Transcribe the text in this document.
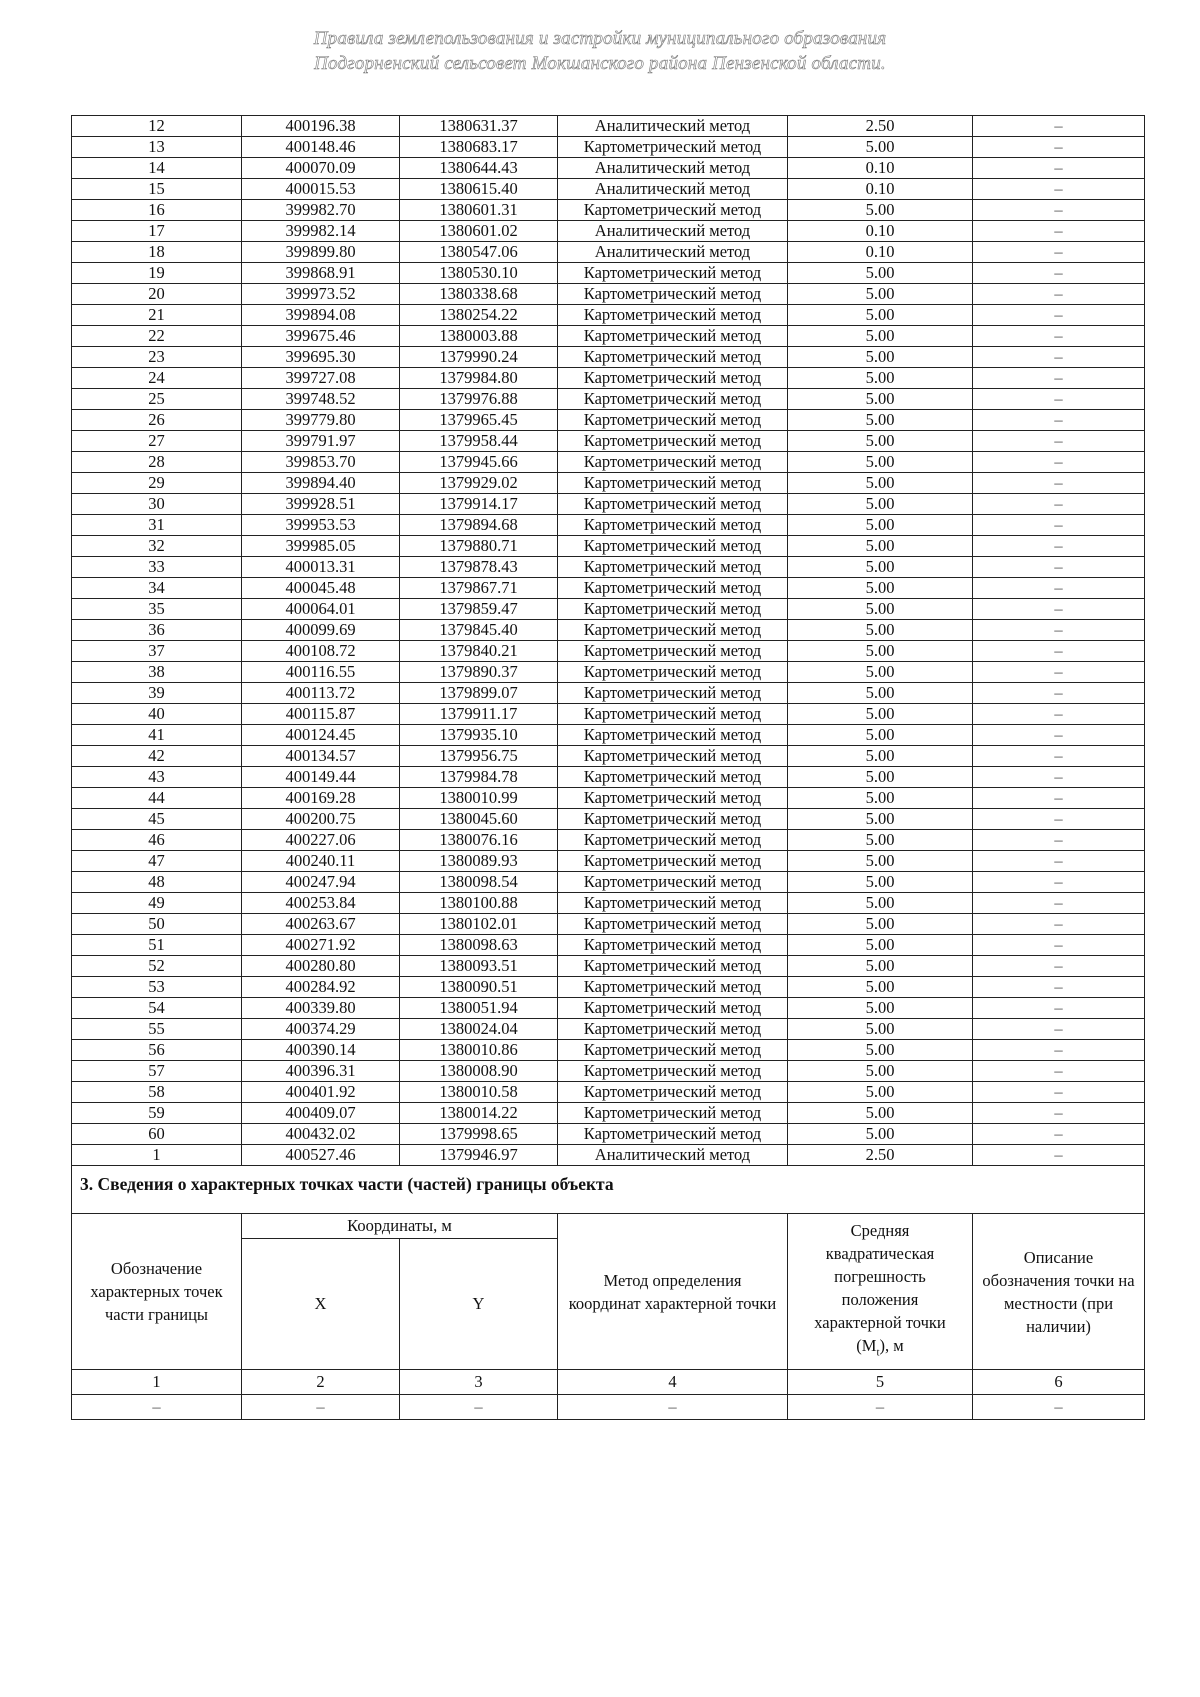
Правила землепользования и застройки муниципального образования
Подгорненский сельсовет Мокшанского района Пензенской области.
12	400196.38	1380631.37	Аналитический метод	2.50	–
13	400148.46	1380683.17	Картометрический метод	5.00	–
14	400070.09	1380644.43	Аналитический метод	0.10	–
15	400015.53	1380615.40	Аналитический метод	0.10	–
16	399982.70	1380601.31	Картометрический метод	5.00	–
17	399982.14	1380601.02	Аналитический метод	0.10	–
18	399899.80	1380547.06	Аналитический метод	0.10	–
19	399868.91	1380530.10	Картометрический метод	5.00	–
20	399973.52	1380338.68	Картометрический метод	5.00	–
21	399894.08	1380254.22	Картометрический метод	5.00	–
22	399675.46	1380003.88	Картометрический метод	5.00	–
23	399695.30	1379990.24	Картометрический метод	5.00	–
24	399727.08	1379984.80	Картометрический метод	5.00	–
25	399748.52	1379976.88	Картометрический метод	5.00	–
26	399779.80	1379965.45	Картометрический метод	5.00	–
27	399791.97	1379958.44	Картометрический метод	5.00	–
28	399853.70	1379945.66	Картометрический метод	5.00	–
29	399894.40	1379929.02	Картометрический метод	5.00	–
30	399928.51	1379914.17	Картометрический метод	5.00	–
31	399953.53	1379894.68	Картометрический метод	5.00	–
32	399985.05	1379880.71	Картометрический метод	5.00	–
33	400013.31	1379878.43	Картометрический метод	5.00	–
34	400045.48	1379867.71	Картометрический метод	5.00	–
35	400064.01	1379859.47	Картометрический метод	5.00	–
36	400099.69	1379845.40	Картометрический метод	5.00	–
37	400108.72	1379840.21	Картометрический метод	5.00	–
38	400116.55	1379890.37	Картометрический метод	5.00	–
39	400113.72	1379899.07	Картометрический метод	5.00	–
40	400115.87	1379911.17	Картометрический метод	5.00	–
41	400124.45	1379935.10	Картометрический метод	5.00	–
42	400134.57	1379956.75	Картометрический метод	5.00	–
43	400149.44	1379984.78	Картометрический метод	5.00	–
44	400169.28	1380010.99	Картометрический метод	5.00	–
45	400200.75	1380045.60	Картометрический метод	5.00	–
46	400227.06	1380076.16	Картометрический метод	5.00	–
47	400240.11	1380089.93	Картометрический метод	5.00	–
48	400247.94	1380098.54	Картометрический метод	5.00	–
49	400253.84	1380100.88	Картометрический метод	5.00	–
50	400263.67	1380102.01	Картометрический метод	5.00	–
51	400271.92	1380098.63	Картометрический метод	5.00	–
52	400280.80	1380093.51	Картометрический метод	5.00	–
53	400284.92	1380090.51	Картометрический метод	5.00	–
54	400339.80	1380051.94	Картометрический метод	5.00	–
55	400374.29	1380024.04	Картометрический метод	5.00	–
56	400390.14	1380010.86	Картометрический метод	5.00	–
57	400396.31	1380008.90	Картометрический метод	5.00	–
58	400401.92	1380010.58	Картометрический метод	5.00	–
59	400409.07	1380014.22	Картометрический метод	5.00	–
60	400432.02	1379998.65	Картометрический метод	5.00	–
1	400527.46	1379946.97	Аналитический метод	2.50	–
3. Сведения о характерных точках части (частей) границы объекта					
Обозначение характерных точек части границы	Координаты, м		Метод определения координат характерной точки	Средняя квадратическая погрешность положения характерной точки $(M_t)$, м	Описание обозначения точки на местности (при наличии)
	X	Y			
1	2	3	4	5	6
–	–	–	–	–	–
